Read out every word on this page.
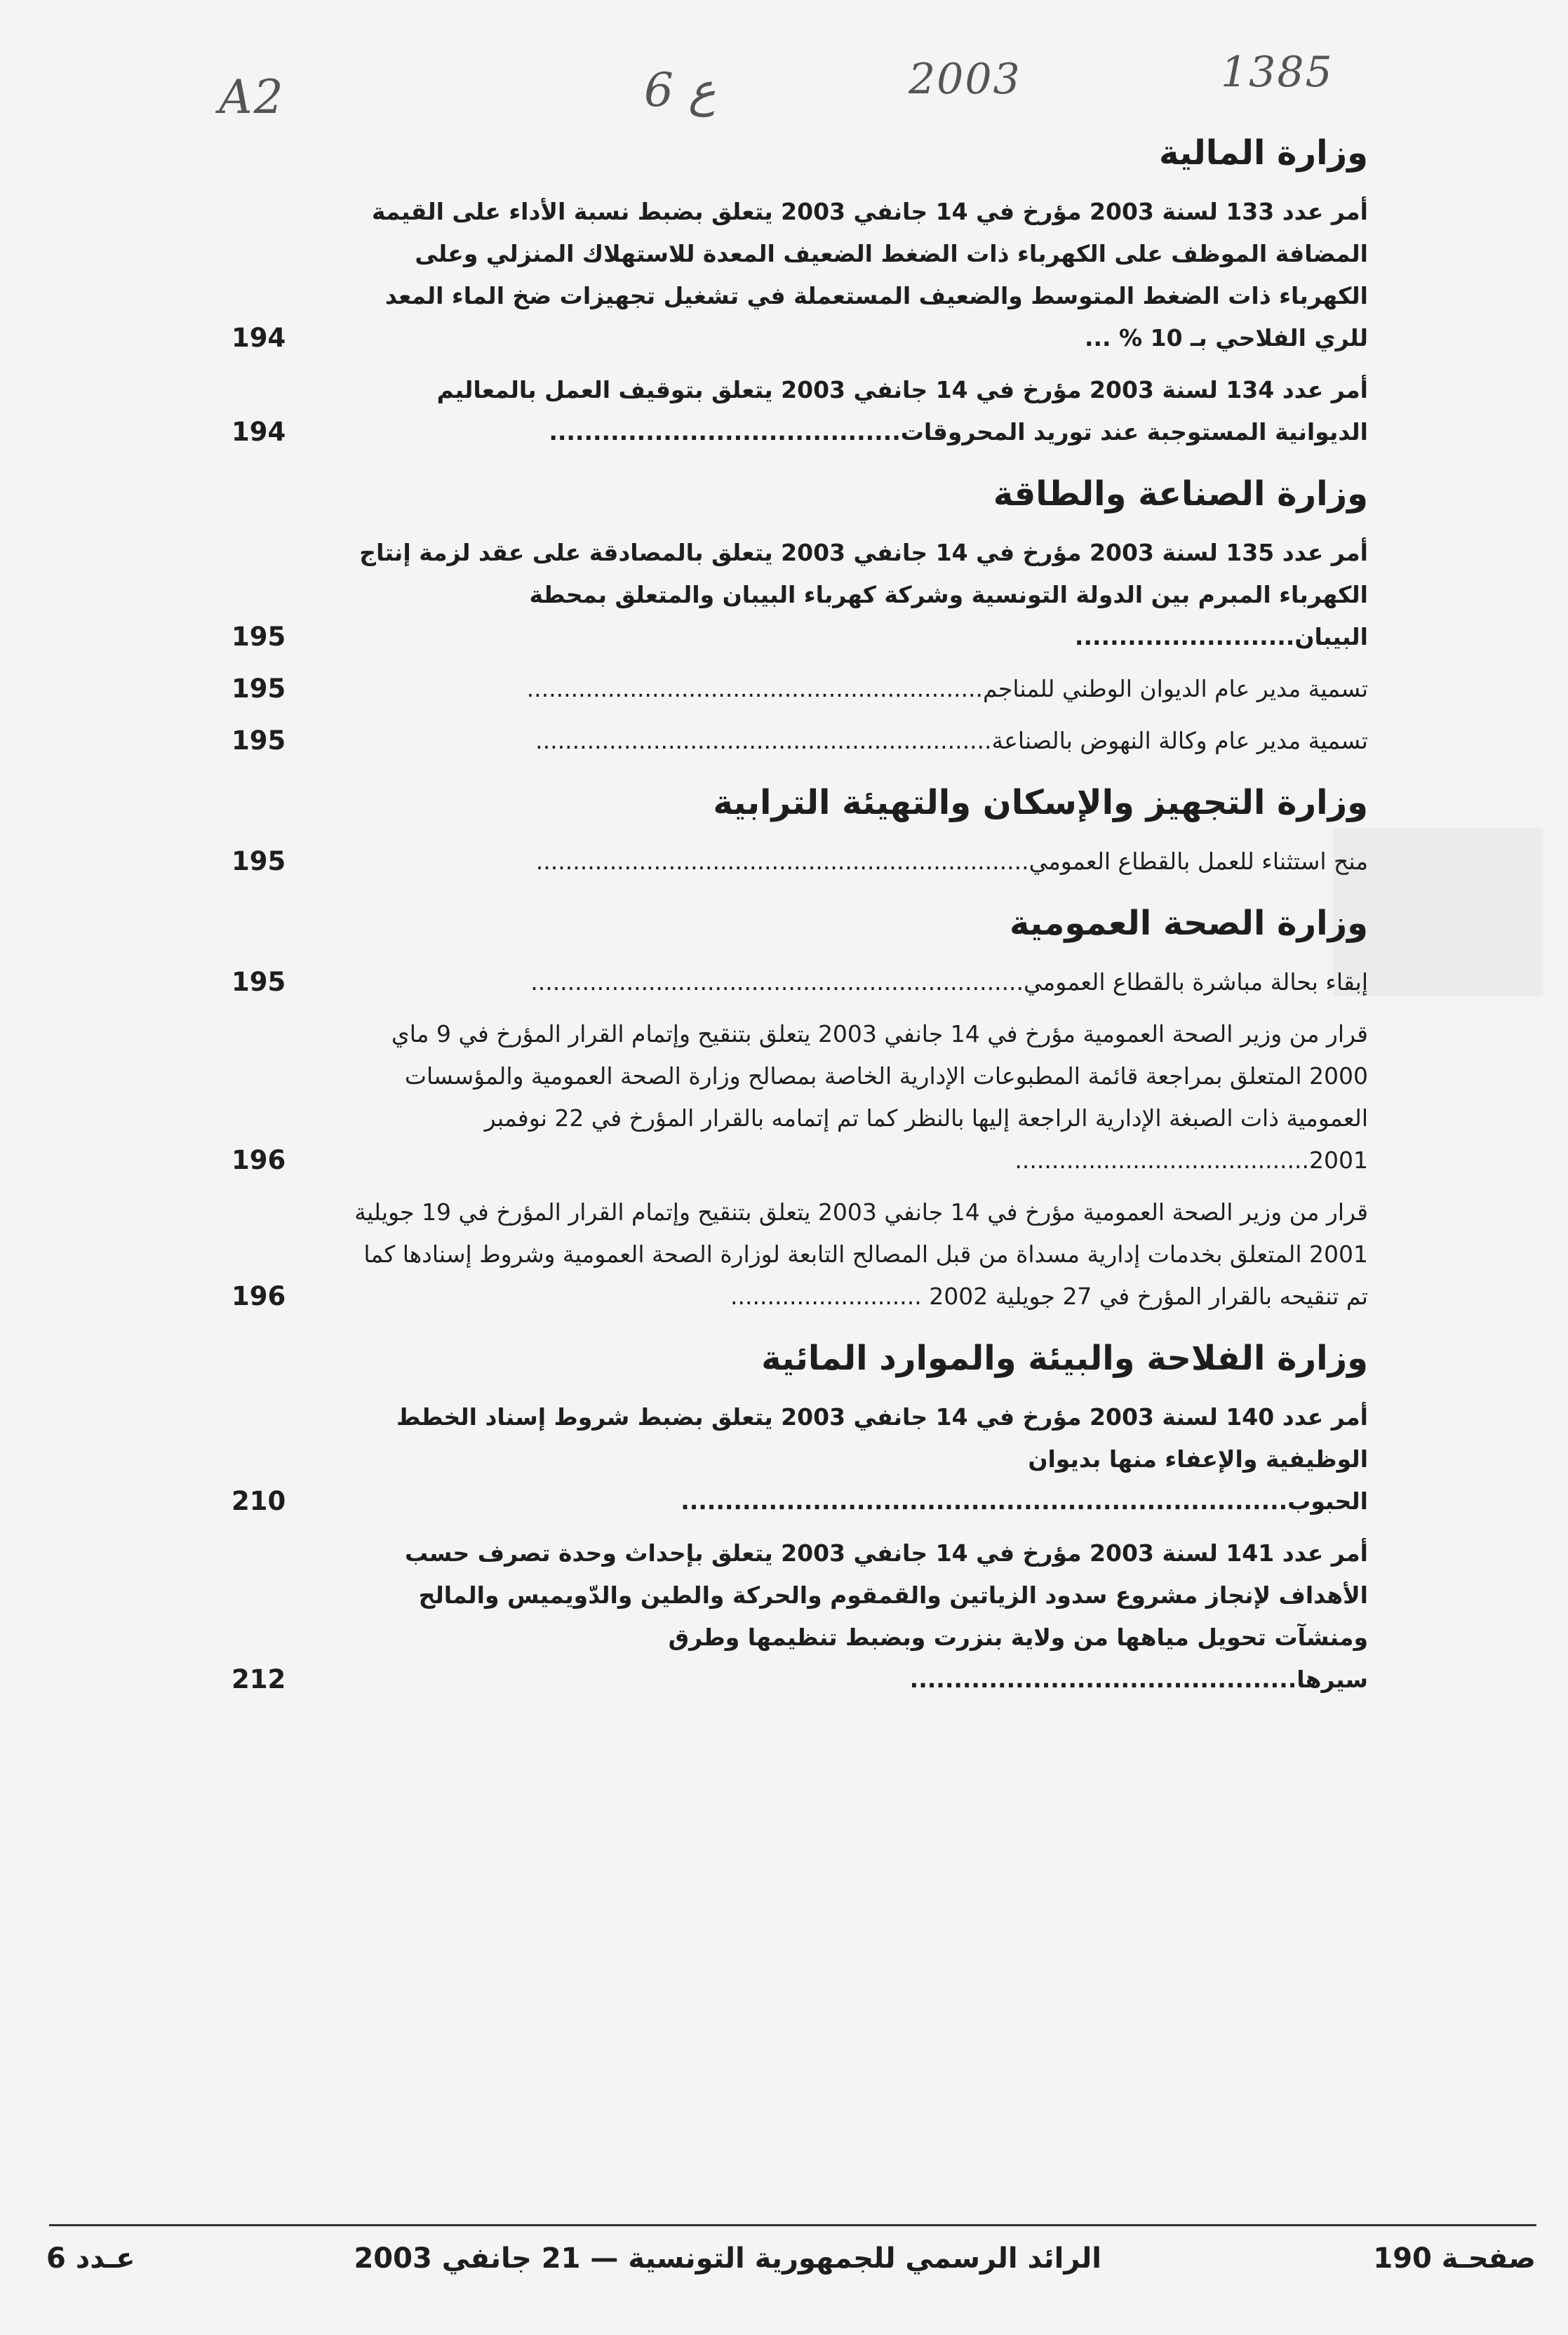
A2	6 ع	2003	1385
وزارة المالية
أمر عدد 133 لسنة 2003 مؤرخ في 14 جانفي 2003 يتعلق بضبط نسبة الأداء على القيمة المضافة الموظف على الكهرباء ذات الضغط الضعيف المعدة للاستهلاك المنزلي وعلى الكهرباء ذات الضغط المتوسط والضعيف المستعملة في تشغيل تجهيزات ضخ الماء المعد للري الفلاحي بـ 10 % ...
194
أمر عدد 134 لسنة 2003 مؤرخ في 14 جانفي 2003 يتعلق بتوقيف العمل بالمعاليم الديوانية المستوجبة عند توريد المحروقات........................................
194
وزارة الصناعة والطاقة
أمر عدد 135 لسنة 2003 مؤرخ في 14 جانفي 2003 يتعلق بالمصادقة على عقد لزمة إنتاج الكهرباء المبرم بين الدولة التونسية وشركة كهرباء البيبان والمتعلق بمحطة البيبان.........................
195
تسمية مدير عام الديوان الوطني للمناجم..............................................................
195
تسمية مدير عام وكالة النهوض بالصناعة..............................................................
195
وزارة التجهيز والإسكان والتهيئة الترابية
منح استثناء للعمل بالقطاع العمومي...................................................................
195
وزارة الصحة العمومية
إبقاء بحالة مباشرة بالقطاع العمومي...................................................................
195
قرار من وزير الصحة العمومية مؤرخ في 14 جانفي 2003 يتعلق بتنقيح وإتمام القرار المؤرخ في 9 ماي 2000 المتعلق بمراجعة قائمة المطبوعات الإدارية الخاصة بمصالح وزارة الصحة العمومية والمؤسسات العمومية ذات الصبغة الإدارية الراجعة إليها بالنظر كما تم إتمامه بالقرار المؤرخ في 22 نوفمبر 2001........................................
196
قرار من وزير الصحة العمومية مؤرخ في 14 جانفي 2003 يتعلق بتنقيح وإتمام القرار المؤرخ في 19 جويلية 2001 المتعلق بخدمات إدارية مسداة من قبل المصالح التابعة لوزارة الصحة العمومية وشروط إسنادها كما تم تنقيحه بالقرار المؤرخ في 27 جويلية 2002 ..........................
196
وزارة الفلاحة والبيئة والموارد المائية
أمر عدد 140 لسنة 2003 مؤرخ في 14 جانفي 2003 يتعلق بضبط شروط إسناد الخطط الوظيفية والإعفاء منها بديوان الحبوب.....................................................................
210
أمر عدد 141 لسنة 2003 مؤرخ في 14 جانفي 2003 يتعلق بإحداث وحدة تصرف حسب الأهداف لإنجاز مشروع سدود الزياتين والقمقوم والحركة والطين والدّويميس والمالح ومنشآت تحويل مياهها من ولاية بنزرت وبضبط تنظيمها وطرق سيرها............................................
212
صفحـة 190
الرائد الرسمي للجمهورية التونسية — 21 جانفي 2003
عـدد 6
